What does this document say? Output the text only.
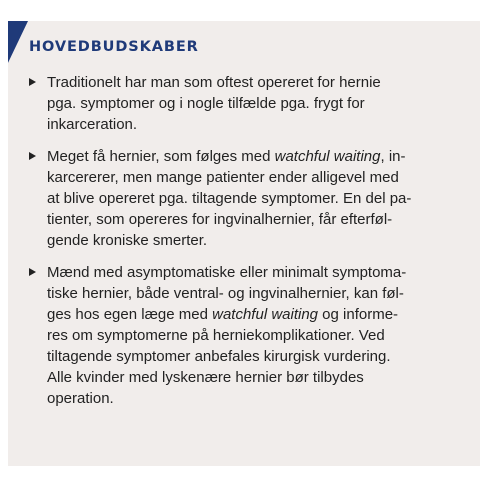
HOVEDBUDSKABER
Traditionelt har man som oftest opereret for hernie
pga. symptomer og i nogle tilfælde pga. frygt for
inkarceration.
Meget få hernier, som følges med watchful waiting, in-
karcererer, men mange patienter ender alligevel med
at blive opereret pga. tiltagende symptomer. En del pa-
tienter, som opereres for ingvinalhernier, får efterføl-
gende kroniske smerter.
Mænd med asymptomatiske eller minimalt symptoma-
tiske hernier, både ventral- og ingvinalhernier, kan føl-
ges hos egen læge med watchful waiting og informe-
res om symptomerne på herniekomplikationer. Ved
tiltagende symptomer anbefales kirurgisk vurdering.
Alle kvinder med lyskenære hernier bør tilbydes
operation.
